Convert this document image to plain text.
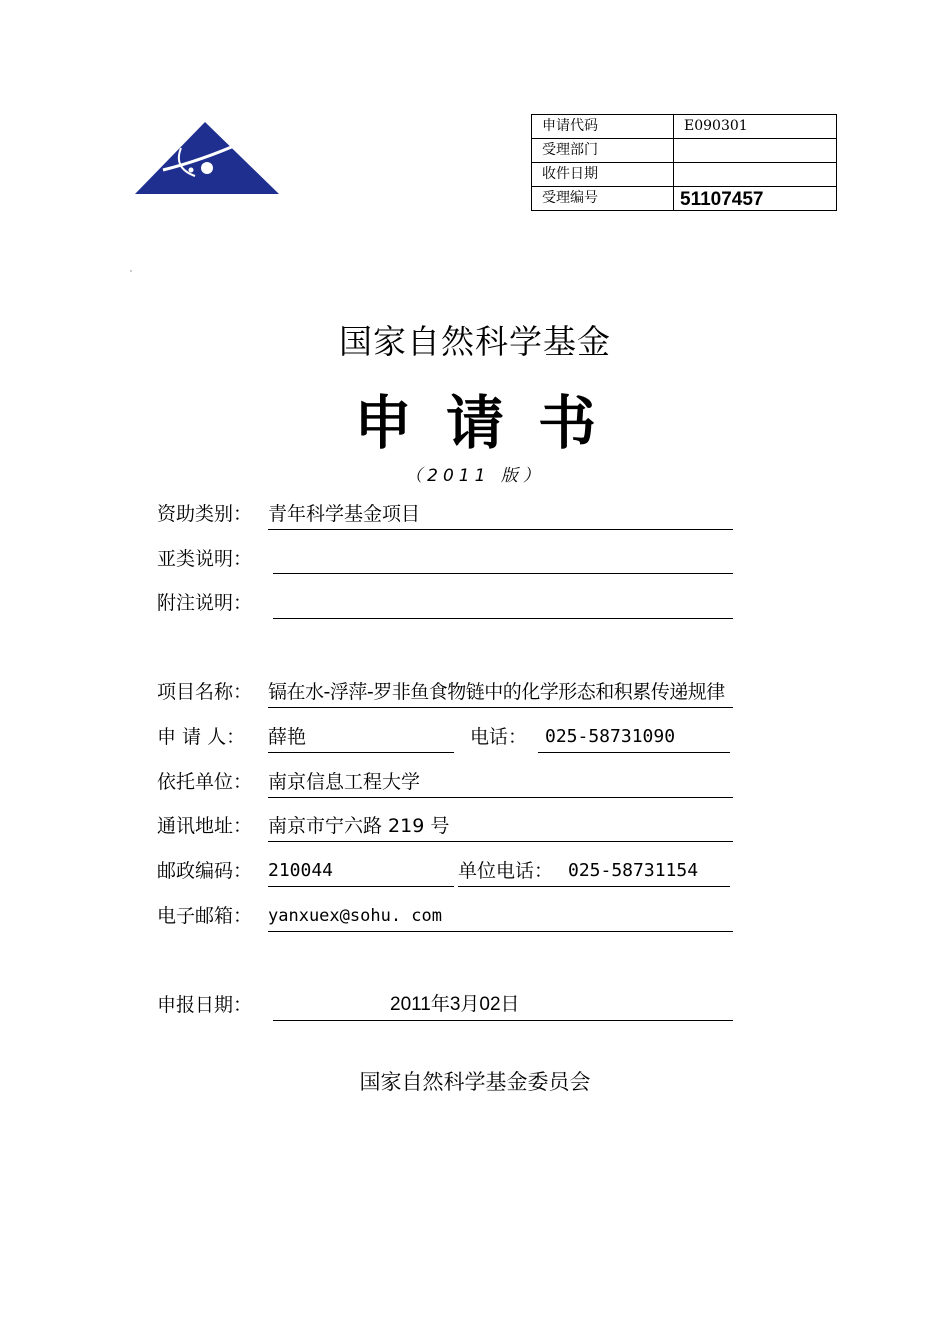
申请代码	E090301
受理部门	
收件日期	
受理编号	51107457
国家自然科学基金
申请书
（2011 版）
资助类别： 青年科学基金项目
亚类说明：
附注说明：
项目名称： 镉在水-浮萍-罗非鱼食物链中的化学形态和积累传递规律
申 请 人： 薛艳	电话： 025-58731090
依托单位： 南京信息工程大学
通讯地址： 南京市宁六路 219 号
邮政编码： 210044	单位电话： 025-58731154
电子邮箱： yanxuex@sohu. com
申报日期：	2011年3月02日
国家自然科学基金委员会
